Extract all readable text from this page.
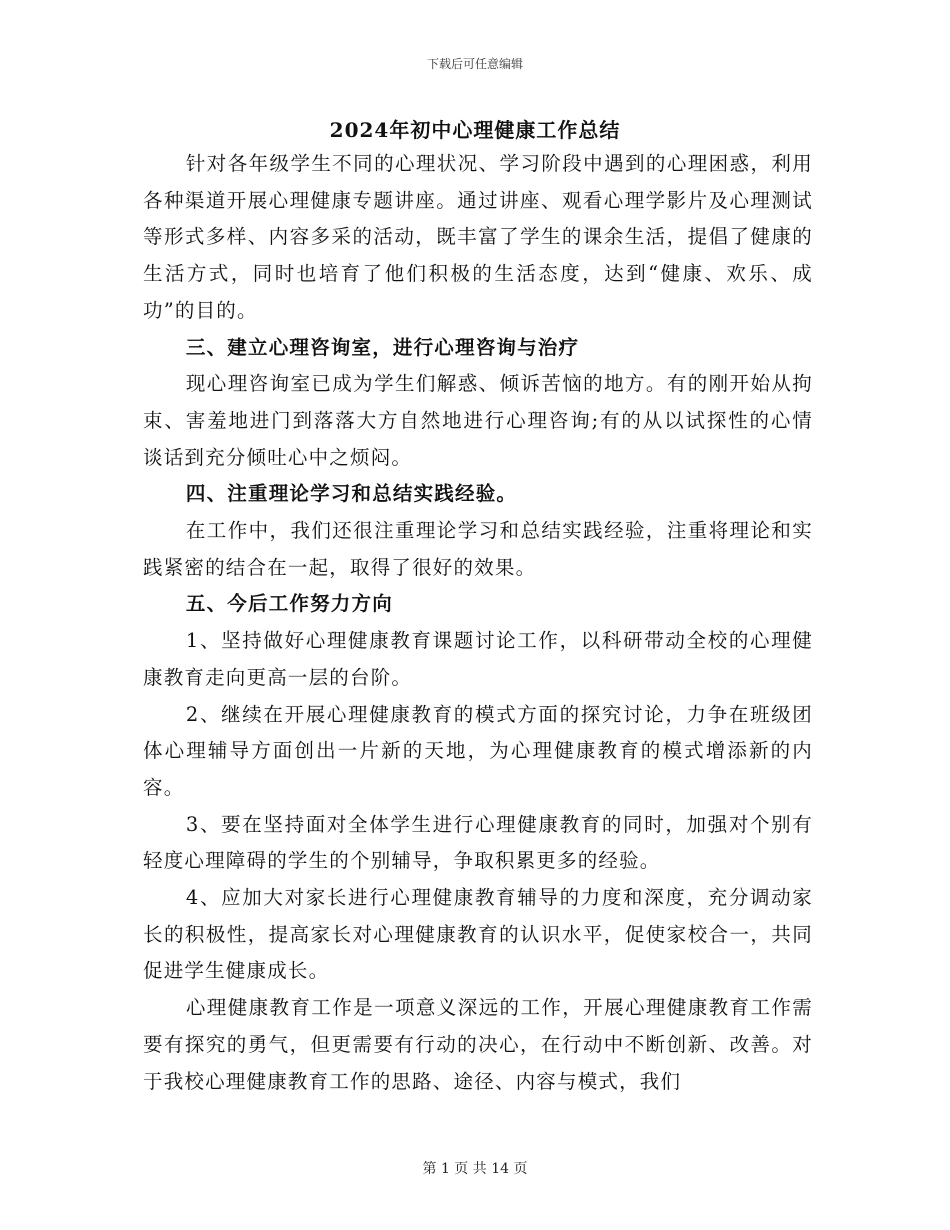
下载后可任意编辑
2024年初中心理健康工作总结

针对各年级学生不同的心理状况、学习阶段中遇到的心理困惑，利用各种渠道开展心理健康专题讲座。通过讲座、观看心理学影片及心理测试等形式多样、内容多采的活动，既丰富了学生的课余生活，提倡了健康的生活方式，同时也培育了他们积极的生活态度，达到“健康、欢乐、成功”的目的。

三、建立心理咨询室，进行心理咨询与治疗

现心理咨询室已成为学生们解惑、倾诉苦恼的地方。有的刚开始从拘束、害羞地进门到落落大方自然地进行心理咨询;有的从以试探性的心情谈话到充分倾吐心中之烦闷。

四、注重理论学习和总结实践经验。

在工作中，我们还很注重理论学习和总结实践经验，注重将理论和实践紧密的结合在一起，取得了很好的效果。

五、今后工作努力方向

1、坚持做好心理健康教育课题讨论工作，以科研带动全校的心理健康教育走向更高一层的台阶。

2、继续在开展心理健康教育的模式方面的探究讨论，力争在班级团体心理辅导方面创出一片新的天地，为心理健康教育的模式增添新的内容。

3、要在坚持面对全体学生进行心理健康教育的同时，加强对个别有轻度心理障碍的学生的个别辅导，争取积累更多的经验。

4、应加大对家长进行心理健康教育辅导的力度和深度，充分调动家长的积极性，提高家长对心理健康教育的认识水平，促使家校合一，共同促进学生健康成长。

心理健康教育工作是一项意义深远的工作，开展心理健康教育工作需要有探究的勇气，但更需要有行动的决心，在行动中不断创新、改善。对于我校心理健康教育工作的思路、途径、内容与模式，我们

第 1 页 共 14 页
